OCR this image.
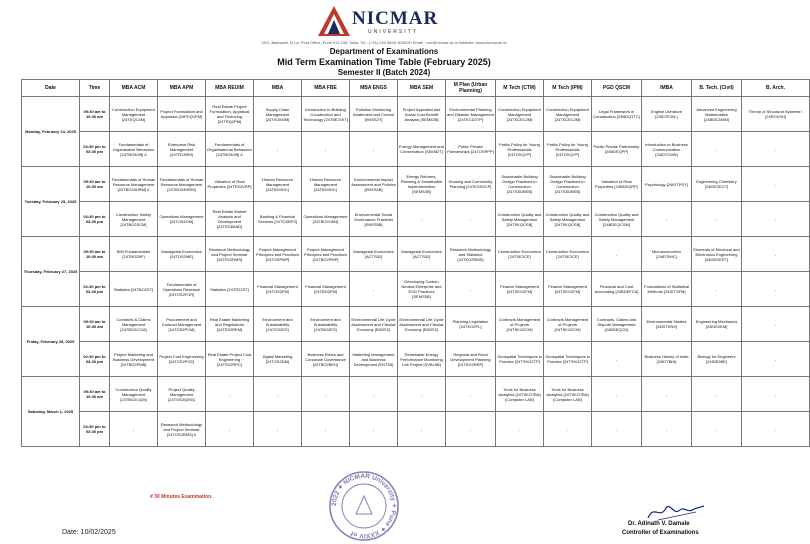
NICMAR
UNIVERSITY
25/1, Balewadi, N.I.A. Post Office, Pune 411 045, India. Tel : (+91) 020 6600 9000/20 Email : coe@nicmar.ac.in Website: www.nicmar.ac.in
Department of Examinations
Mid Term Examination Time Table (February 2025)
Semester II (Batch 2024)
Date	Time	MBA ACM	MBA APM	MBA REUIM	MBA	MBA FBE	MBA ENGS	MBA SEM	M Plan (Urban Planning)	M Tech (CTM)	M Tech (IPM)	PGD QSCM	IMBA	B. Tech. (Civil)	B. Arch.
Monday, February 24, 2025	09:30 am to 10:30 am	Construction Equipment Management [24TEQC4M]	Project Formulation and Appraisal [24PDQ1PM]	Real Estate Project Formulation, Appraisal and Financing [24TRQ2PM]	Supply Chain Management [24TSGM2M]	Introduction to Building Construction and Technology [24TIBCSKT]	Pollution Monitoring Abatement and Control [ENSS2T]	Project Appraisal and Social Cost Benefit Analysis [SEM52B]	Environmental Planning and Disaster Management [24TKCD2TP]	Construction Equipment Management [24TSCEC2M]	Construction Equipment Management [24TSCEC2M]	Legal Framework in Construction [24BDQ1TC]	English Literature [24IDTE25L]	Advanced Engineering Mathematics [24BDE245M]	Theory of Structural Systems I [24RCKSH]
	02:30 pm to 03:30 pm	Fundamentals of Organisation Behaviour [24TBO3OB] #	Enterprise Risk Management [24TR13RM]	Fundamentals of Organisational Behaviour [24TBO3OB] #	-	-	-	Energy Management and Conservation [SEM52T]	Public Private Partnerships [24TOSPPP]	Public Policy for Young Professionals [24TOSQYP]	Public Policy for Young Professionals [24TOSQYP]	Public Private Partnership [24BDEQPP]	Introduction to Business Communication [24IDTCMN]	-	-
Tuesday, February 25, 2025	09:30 am to 10:30 am	Fundamentals of Human Resource Management [24TBO34HRM] #	Fundamentals of Human Resource Management [24TBO34HRM]	Valuation of Real Properties [24TR22VRP]	Human Resource Management [24TBO4HC]	Human Resource Management [24TBO4HC]	Environmental Impact Assessment and Policies [ENSS4B]	Energy Reforms, Planning & Sustainable Implementation [SEMS4B]	Housing and Community Planning [24TKSH2CP]	Sustainable Building Design Practices in Construction [24TSSDBEB]	Sustainable Building Design Practices in Construction [24TSSDBEB]	Valuation of Real Properties [24BDEQRP]	Psychology [24IDTPSY]	Engineering Chemistry [24IDE2ECT]	-
	02:30 pm to 03:30 pm	Construction Safety Management [24TBO2SCM]	Operations Management [24TOS2OM]	Real Estate Market Analysis and Development [24TR23MAD]	Banking & Financial Services [24TOSBFS]	Operations Management [24TBO2OM4]	Environmental Social Governance Practices [ENSS5B]	-	-	Construction Quality and Safety Management [24TSKQCSB]	Construction Quality and Safety Management [24TSKQCSB]	Construction Quality and Safety Management [24BDEQCSM]	-	-	-
Thursday, February 27, 2025	09:30 am to 10:30 am	BIM Fundamentals [24TBO2BF]	Managerial Economics [24TOS2ME]	Research Methodology and Project Seminar [24TR22RMS]	Project Management Principles and Practices [24TOSPMP]	Project Management Principles and Practices [24TBO2PMP]	Managerial Economics [ACTS52]	Managerial Economics [ACTS52]	Research Methodology and Statistics [24TKO2RMS]	Construction Economics [24TSE2CE]	Construction Economics [24TSE2CE]	-	Microeconomics [24IDTMIC]	Elements of Electrical and Electronics Engineering [24IDE2EET]	-
	02:30 pm to 03:30 pm	Statistics [24TBO2ST]	Fundamentals of Operations Research [24TOS2FOR]	Statistics [24TR22ST]	Financial Management [24TOS2FM]	Financial Management [24TBO2FM]	-	Developing Carbon Neutral Enterprise and ESG Practices [SEMS5B]	-	Finance Management [24TSKO2FM]	Finance Management [24TSKO2FM]	Financial and Cost Accounting [24BDEFCA]	Foundations of Statistical Methods [24IDTSFM]	-	-
Friday, February 28, 2025	09:30 am to 10:30 am	Contracts & Claims Management [24TBO2CCM]	Procurement and Contract Management [24TOS2PCM]	Real Estate Marketing and Regulations [24TR22REM]	Environment and Sustainability [24TOS2ES]	Environment and Sustainability [24TBO2ES]	Environmental Life Cycle Assessment and Circular Economy [ENSS2]	Environmental Life Cycle Assessment and Circular Economy [ENSS2]	Planning Legislation [24TKO2PL]	Contracts Management of Projects [24TSKO2CM]	Contracts Management of Projects [24TSKO2CM]	Contracts, Claims and Dispute Management [24BDEQCD]	Environmental Studies [24IDTENV]	Engineering Mechanics [24IDE2EM]	-
	02:30 pm to 03:30 pm	Project Marketing and Business Development [24TBO2PMB]	Project Cost Engineering [24TOS2PCE]	Real Estate Project Cost Engineering [24TR22RPC]	Digital Marketing [24TOS2DM]	Business Ethics and Corporate Governance [24TBO2BEG]	Marketing Management and Business Development [ENTS5]	Renewable Energy Performance Monitoring Lab Project [SVBL5B]	Regional and Rural Development Planning [24TKO2RRP]	Geospatial Techniques in Practice [24TSKO2TP]	Geospatial Techniques in Practice [24TSKO2TP]	-	Business History of India [24IDTBHI]	Biology for Engineers [24IDE2BE]	-
Saturday, March 1, 2025	09:30 am to 10:30 am	Construction Quality Management [24TBO2CQM]	Project Quality Management [24TOS2QMG]	-	-	-	-	-	-	Tools for Business Analytics [24TSKO7BA] (Computer LAB)	Tools for Business Analytics [24TSKO7BA] (Computer LAB)	-	-	-	-
	02:30 pm to 03:30 pm	-	Research Methodology and Project Seminar [24TOS2RMS] #	-	-	-	-	-	-	-	-	-	-	-	-
# 30 Minutes Examination.
2022 ✦ NICMAR University ✦ Pune ✦ XXXIV of
Date: 10/02/2025
Dr. Adinath V. Damale
Controller of Examinations
